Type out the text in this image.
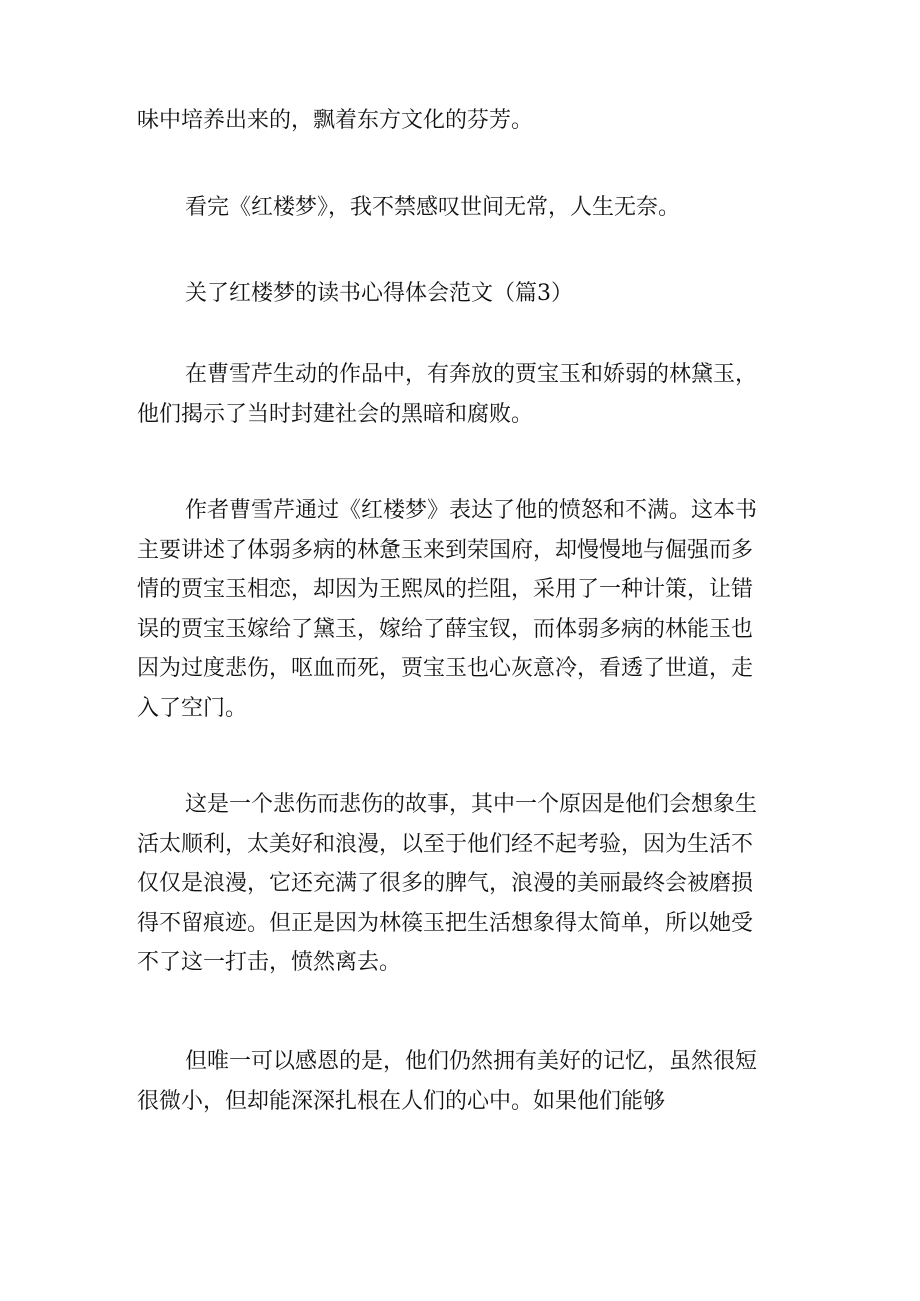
味中培养出来的，飘着东方文化的芬芳。

看完《红楼梦》，我不禁感叹世间无常，人生无奈。

关了红楼梦的读书心得体会范文（篇3）

在曹雪芹生动的作品中，有奔放的贾宝玉和娇弱的林黛玉，
他们揭示了当时封建社会的黑暗和腐败。

作者曹雪芹通过《红楼梦》表达了他的愤怒和不满。这本书
主要讲述了体弱多病的林惫玉来到荣国府，却慢慢地与倔强而多
情的贾宝玉相恋，却因为王熙凤的拦阻，采用了一种计策，让错
误的贾宝玉嫁给了黛玉，嫁给了薛宝钗，而体弱多病的林能玉也
因为过度悲伤，呕血而死，贾宝玉也心灰意冷，看透了世道，走
入了空门。

这是一个悲伤而悲伤的故事，其中一个原因是他们会想象生
活太顺利，太美好和浪漫，以至于他们经不起考验，因为生活不
仅仅是浪漫，它还充满了很多的脾气，浪漫的美丽最终会被磨损
得不留痕迹。但正是因为林篌玉把生活想象得太简单，所以她受
不了这一打击，愤然离去。

但唯一可以感恩的是，他们仍然拥有美好的记忆，虽然很短
很微小，但却能深深扎根在人们的心中。如果他们能够
